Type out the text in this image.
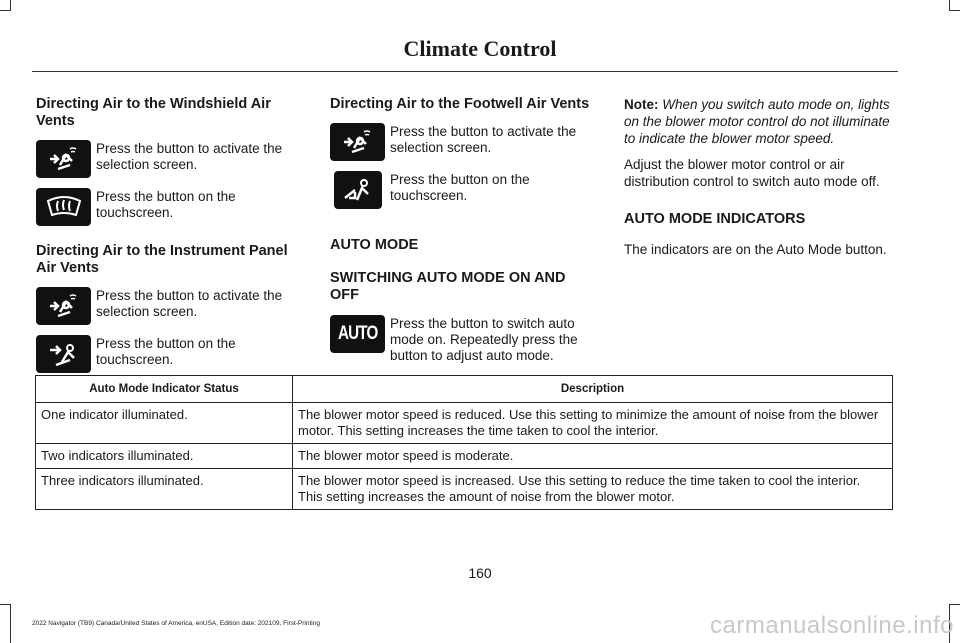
Climate Control
Directing Air to the Windshield Air Vents
Press the button to activate the selection screen.
Press the button on the touchscreen.
Directing Air to the Instrument Panel Air Vents
Press the button to activate the selection screen.
Press the button on the touchscreen.
Directing Air to the Footwell Air Vents
Press the button to activate the selection screen.
Press the button on the touchscreen.
AUTO MODE
SWITCHING AUTO MODE ON AND OFF
AUTO Press the button to switch auto mode on. Repeatedly press the button to adjust auto mode.

Note: When you switch auto mode on, lights on the blower motor control do not illuminate to indicate the blower motor speed.

Adjust the blower motor control or air distribution control to switch auto mode off.

AUTO MODE INDICATORS

The indicators are on the Auto Mode button.

Auto Mode Indicator Status	Description
One indicator illuminated.	The blower motor speed is reduced. Use this setting to minimize the amount of noise from the blower motor. This setting increases the time taken to cool the interior.
Two indicators illuminated.	The blower motor speed is moderate.
Three indicators illuminated.	The blower motor speed is increased. Use this setting to reduce the time taken to cool the interior. This setting increases the amount of noise from the blower motor.
160
2022 Navigator (TB9) Canada/United States of America, enUSA, Edition date: 202109, First-Printing	carmanualsonline.info
